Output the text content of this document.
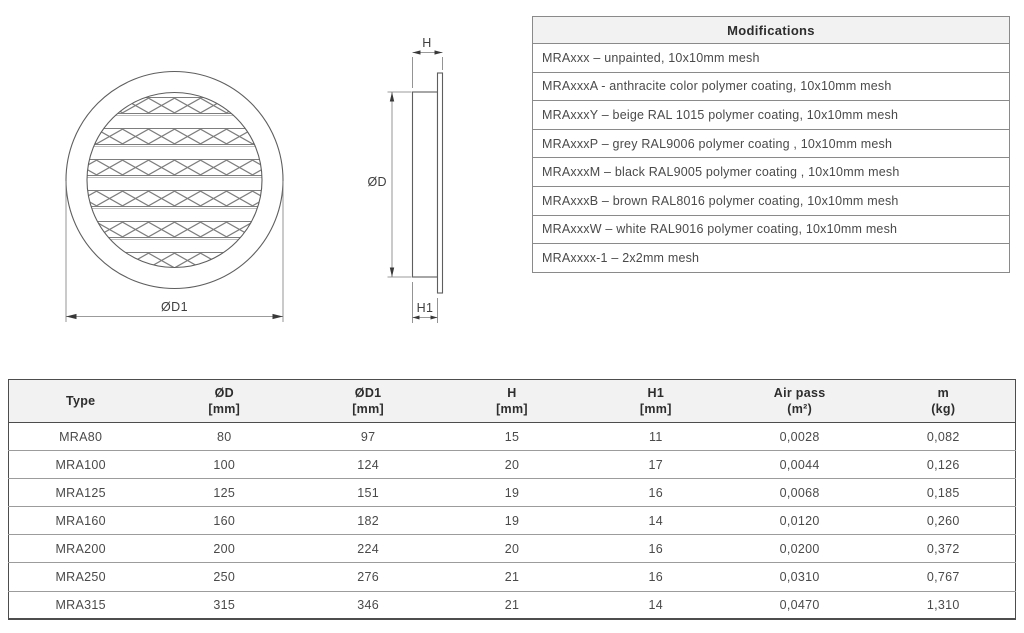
ØD1
H
ØD
H1
Modifications
MRAxxx – unpainted, 10x10mm mesh
MRAxxxA - anthracite color polymer coating, 10x10mm mesh
MRAxxxY – beige RAL 1015 polymer coating, 10x10mm mesh
MRAxxxP – grey RAL9006 polymer coating , 10x10mm mesh
MRAxxxM – black RAL9005 polymer coating , 10x10mm mesh
MRAxxxB – brown RAL8016 polymer coating, 10x10mm mesh
MRAxxxW – white RAL9016 polymer coating, 10x10mm mesh
MRAxxxx-1 – 2x2mm mesh
Type

ØD
[mm]

ØD1
[mm]

H
[mm]

H1
[mm]

Air pass
(m²)

m
(kg)

MRA80	80	97	15	11	0,0028	0,082
MRA100	100	124	20	17	0,0044	0,126
MRA125	125	151	19	16	0,0068	0,185
MRA160	160	182	19	14	0,0120	0,260
MRA200	200	224	20	16	0,0200	0,372
MRA250	250	276	21	16	0,0310	0,767
MRA315	315	346	21	14	0,0470	1,310
